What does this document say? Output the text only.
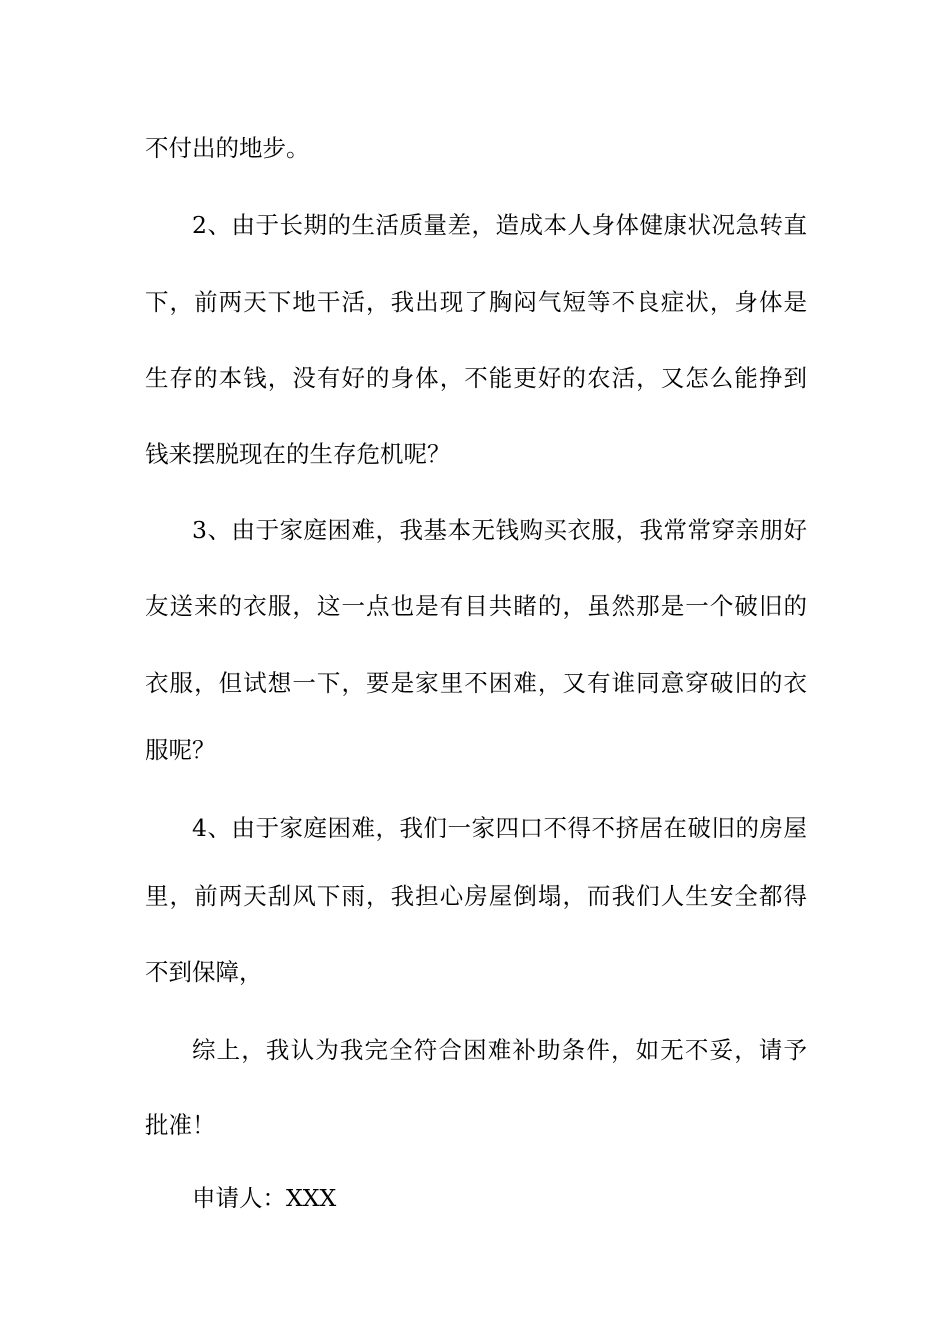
不付出的地步。
2、由于长期的生活质量差，造成本人身体健康状况急转直
下，前两天下地干活，我出现了胸闷气短等不良症状，身体是
生存的本钱，没有好的身体，不能更好的农活，又怎么能挣到
钱来摆脱现在的生存危机呢？
3、由于家庭困难，我基本无钱购买衣服，我常常穿亲朋好
友送来的衣服，这一点也是有目共睹的，虽然那是一个破旧的
衣服，但试想一下，要是家里不困难，又有谁同意穿破旧的衣
服呢？
4、由于家庭困难，我们一家四口不得不挤居在破旧的房屋
里，前两天刮风下雨，我担心房屋倒塌，而我们人生安全都得
不到保障，
综上，我认为我完全符合困难补助条件，如无不妥，请予
批准！
申请人：XXX
